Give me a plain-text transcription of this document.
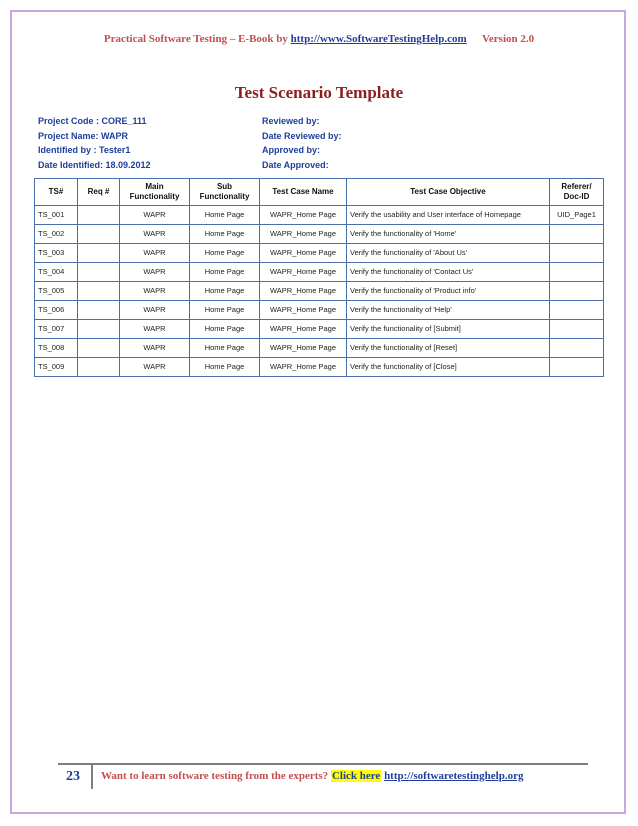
Practical Software Testing – E-Book by http://www.SoftwareTestingHelp.com Version 2.0
Test Scenario Template
Project Code : CORE_111
Project Name: WAPR
Identified by : Tester1
Date Identified: 18.09.2012
Reviewed by:
Date Reviewed by:
Approved by:
Date Approved:
TS#	Req #	Main Functionality	Sub Functionality	Test Case Name	Test Case Objective	Referer/ Doc-ID
TS_001		WAPR	Home Page	WAPR_Home Page	Verify the usability and User interface of Homepage	UID_Page1
TS_002		WAPR	Home Page	WAPR_Home Page	Verify the functionality of 'Home'	
TS_003		WAPR	Home Page	WAPR_Home Page	Verify the functionality of 'About Us'	
TS_004		WAPR	Home Page	WAPR_Home Page	Verify the functionality of 'Contact Us'	
TS_005		WAPR	Home Page	WAPR_Home Page	Verify the functionality of 'Product info'	
TS_006		WAPR	Home Page	WAPR_Home Page	Verify the functionality of 'Help'	
TS_007		WAPR	Home Page	WAPR_Home Page	Verify the functionality of [Submit]	
TS_008		WAPR	Home Page	WAPR_Home Page	Verify the functionality of [Reset]	
TS_009		WAPR	Home Page	WAPR_Home Page	Verify the functionality of [Close]	
23	Want to learn software testing from the experts? Click here http://softwaretestinghelp.org
